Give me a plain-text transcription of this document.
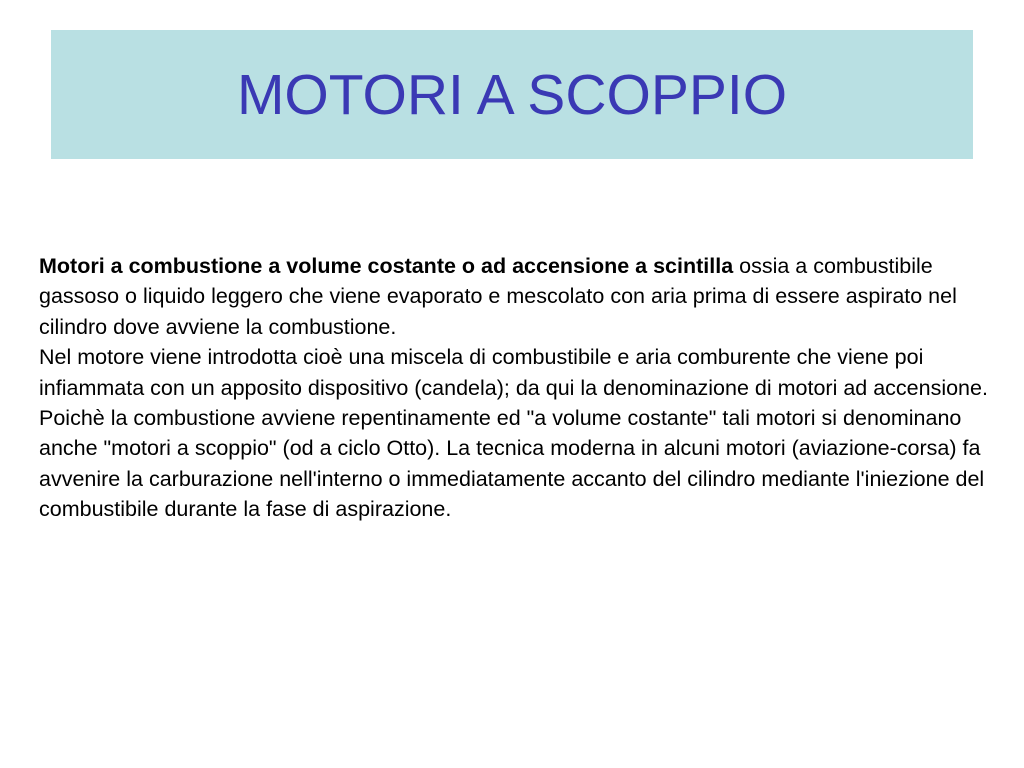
MOTORI A SCOPPIO

Motori a combustione a volume costante o ad accensione a scintilla ossia a combustibile gassoso o liquido leggero che viene evaporato e mescolato con aria prima di essere aspirato nel cilindro dove avviene la combustione.

Nel motore viene introdotta cioè una miscela di combustibile e aria comburente che viene poi infiammata con un apposito dispositivo (candela); da qui la denominazione di motori ad accensione. Poichè la combustione avviene repentinamente ed "a volume costante" tali motori si denominano anche "motori a scoppio" (od a ciclo Otto). La tecnica moderna in alcuni motori (aviazione-corsa) fa avvenire la carburazione nell'interno o immediatamente accanto del cilindro mediante l'iniezione del combustibile durante la fase di aspirazione.
